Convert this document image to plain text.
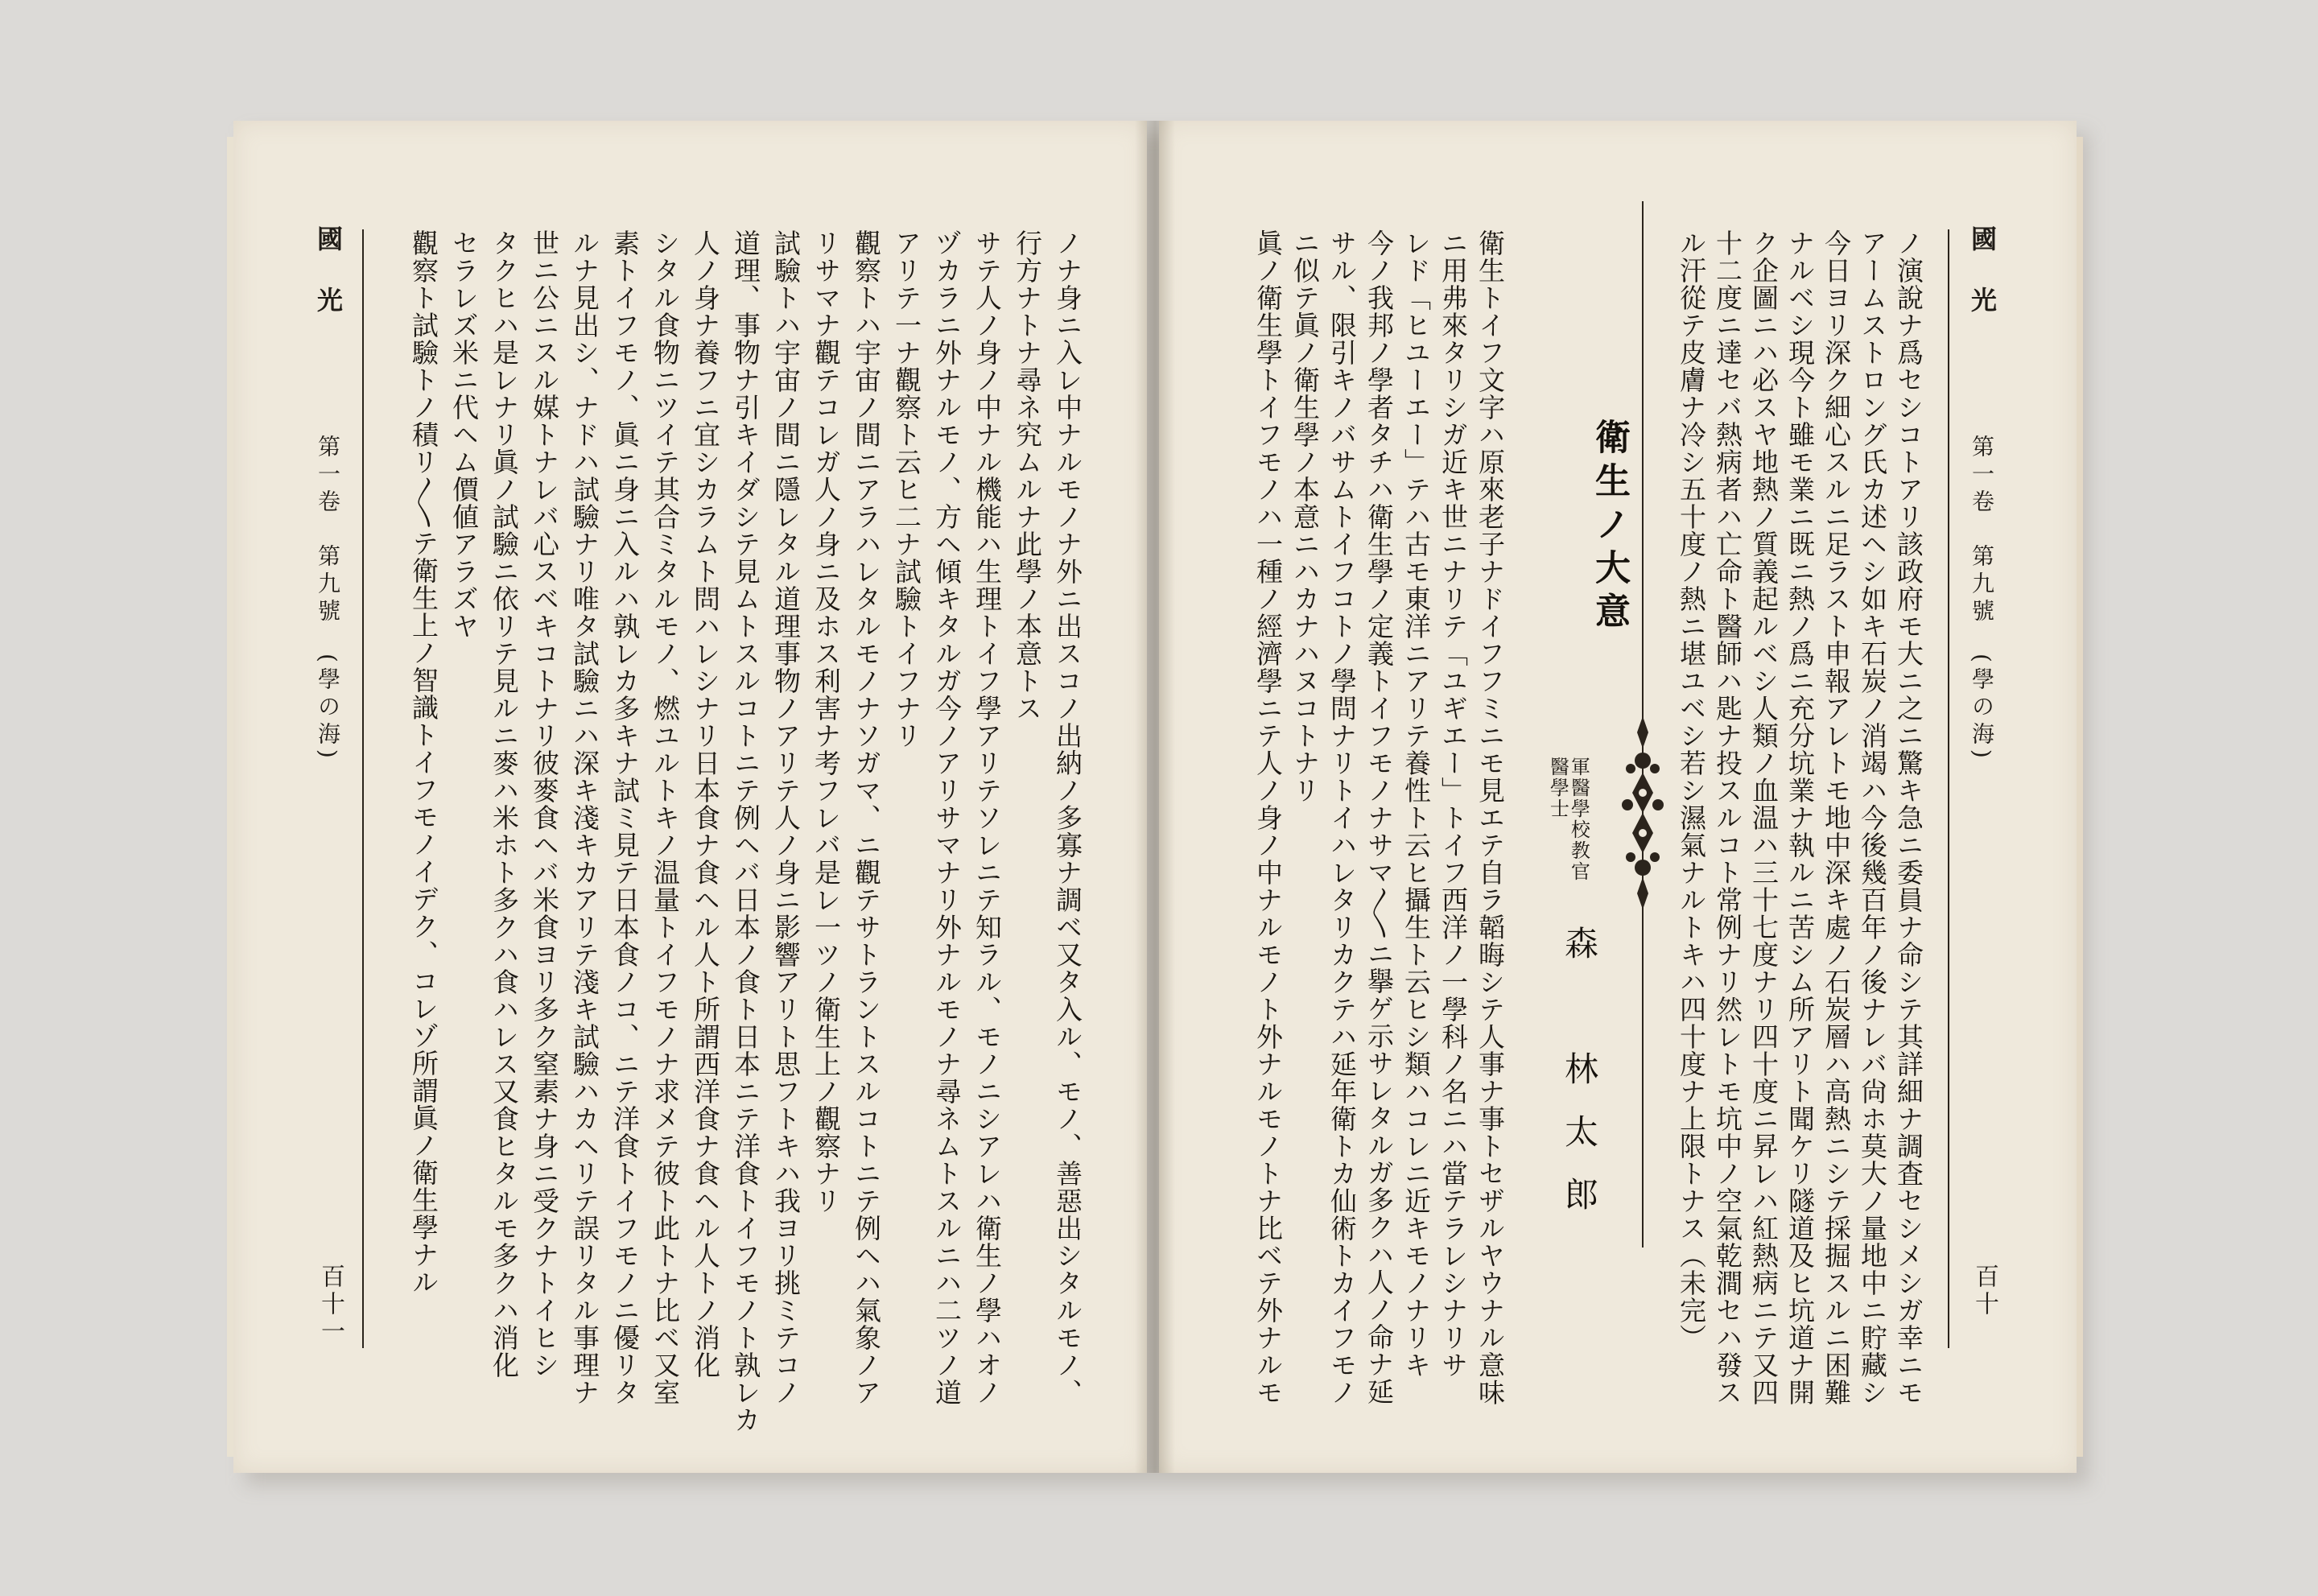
國　光
第一卷　第九號　(學の海)
百十一	ノナ身ニ入レ中ナルモノナ外ニ出スコノ出納ノ多寡ナ調ベ又タ入ル、モノ、善惡出シタルモノ、
行方ナトナ尋ネ究ムルナ此學ノ本意トス
サテ人ノ身ノ中ナル機能ハ生理トイフ學アリテソレニテ知ラル、モノニシアレハ衛生ノ學ハオノ
ヅカラニ外ナルモノ、方ヘ傾キタルガ今ノアリサマナリ外ナルモノナ尋ネムトスルニハ二ツノ道
アリテ一ナ觀察ト云ヒ二ナ試驗トイフナリ
觀察トハ宇宙ノ間ニアラハレタルモノナソガマ、ニ觀テサトラントスルコトニテ例ヘハ氣象ノア
リサマナ觀テコレガ人ノ身ニ及ホス利害ナ考フレバ是レ一ツノ衛生上ノ觀察ナリ
試驗トハ宇宙ノ間ニ隱レタル道理事物ノアリテ人ノ身ニ影響アリト思フトキハ我ヨリ挑ミテコノ
道理、事物ナ引キイダシテ見ムトスルコトニテ例ヘバ日本ノ食ト日本ニテ洋食トイフモノト孰レカ
人ノ身ナ養フニ宜シカラムト問ハレシナリ日本食ナ食ヘル人ト所謂西洋食ナ食ヘル人トノ消化
シタル食物ニツイテ其合ミタルモノ、燃ユルトキノ温量トイフモノナ求メテ彼ト此トナ比ベ又室
素トイフモノ、眞ニ身ニ入ルハ孰レカ多キナ試ミ見テ日本食ノコ、ニテ洋食トイフモノニ優リタ
ルナ見出シ、ナドハ試驗ナリ唯タ試驗ニハ深キ淺キカアリテ淺キ試驗ハカヘリテ誤リタル事理ナ
世ニ公ニスル媒トナレバ心スベキコトナリ彼麥食ヘバ米食ヨリ多ク窒素ナ身ニ受クナトイヒシ
タクヒハ是レナリ眞ノ試驗ニ依リテ見ルニ麥ハ米ホト多クハ食ハレス又食ヒタルモ多クハ消化
セラレズ米ニ代ヘム價値アラズヤ
觀察ト試驗トノ積リ〳〵テ衛生上ノ智識トイフモノイデク、コレゾ所謂眞ノ衛生學ナル	國　光
第一卷　第九號　(學の海)
百十
ノ演說ナ爲セシコトアリ該政府モ大ニ之ニ驚キ急ニ委員ナ命シテ其詳細ナ調査セシメシガ幸ニモ
アームストロング氏カ述ヘシ如キ石炭ノ消竭ハ今後幾百年ノ後ナレバ尙ホ莫大ノ量地中ニ貯藏シ
今日ヨリ深ク細心スルニ足ラスト申報アレトモ地中深キ處ノ石炭層ハ高熱ニシテ採掘スルニ困難
ナルベシ現今ト雖モ業ニ既ニ熱ノ爲ニ充分坑業ナ執ルニ苦シム所アリト聞ケリ隧道及ヒ坑道ナ開
ク企圖ニハ必スヤ地熱ノ質義起ルベシ人類ノ血温ハ三十七度ナリ四十度ニ昇レハ紅熱病ニテ又四
十二度ニ達セバ熱病者ハ亡命ト醫師ハ匙ナ投スルコト常例ナリ然レトモ坑中ノ空氣乾澗セハ發ス
ル汗從テ皮膚ナ冷シ五十度ノ熱ニ堪ユベシ若シ濕氣ナルトキハ四十度ナ上限トナス（未完）
衛生ノ大意
軍醫學校教官
醫學士
森　林太郎
衛生トイフ文字ハ原來老子ナドイフフミニモ見エテ自ラ韜晦シテ人事ナ事トセザルヤウナル意味
ニ用弗來タリシガ近キ世ニナリテ「ユギエー」トイフ西洋ノ一學科ノ名ニハ當テラレシナリサ
レド「ヒユーエー」テハ古モ東洋ニアリテ養性ト云ヒ攝生ト云ヒシ類ハコレニ近キモノナリキ
今ノ我邦ノ學者タチハ衛生學ノ定義トイフモノナサマ〳〵ニ擧ゲ示サレタルガ多クハ人ノ命ナ延
サル、限引キノバサムトイフコトノ學問ナリトイハレタリカクテハ延年衛トカ仙術トカイフモノ
ニ似テ眞ノ衛生學ノ本意ニハカナハヌコトナリ
眞ノ衛生學トイフモノハ一種ノ經濟學ニテ人ノ身ノ中ナルモノト外ナルモノトナ比ベテ外ナルモ
